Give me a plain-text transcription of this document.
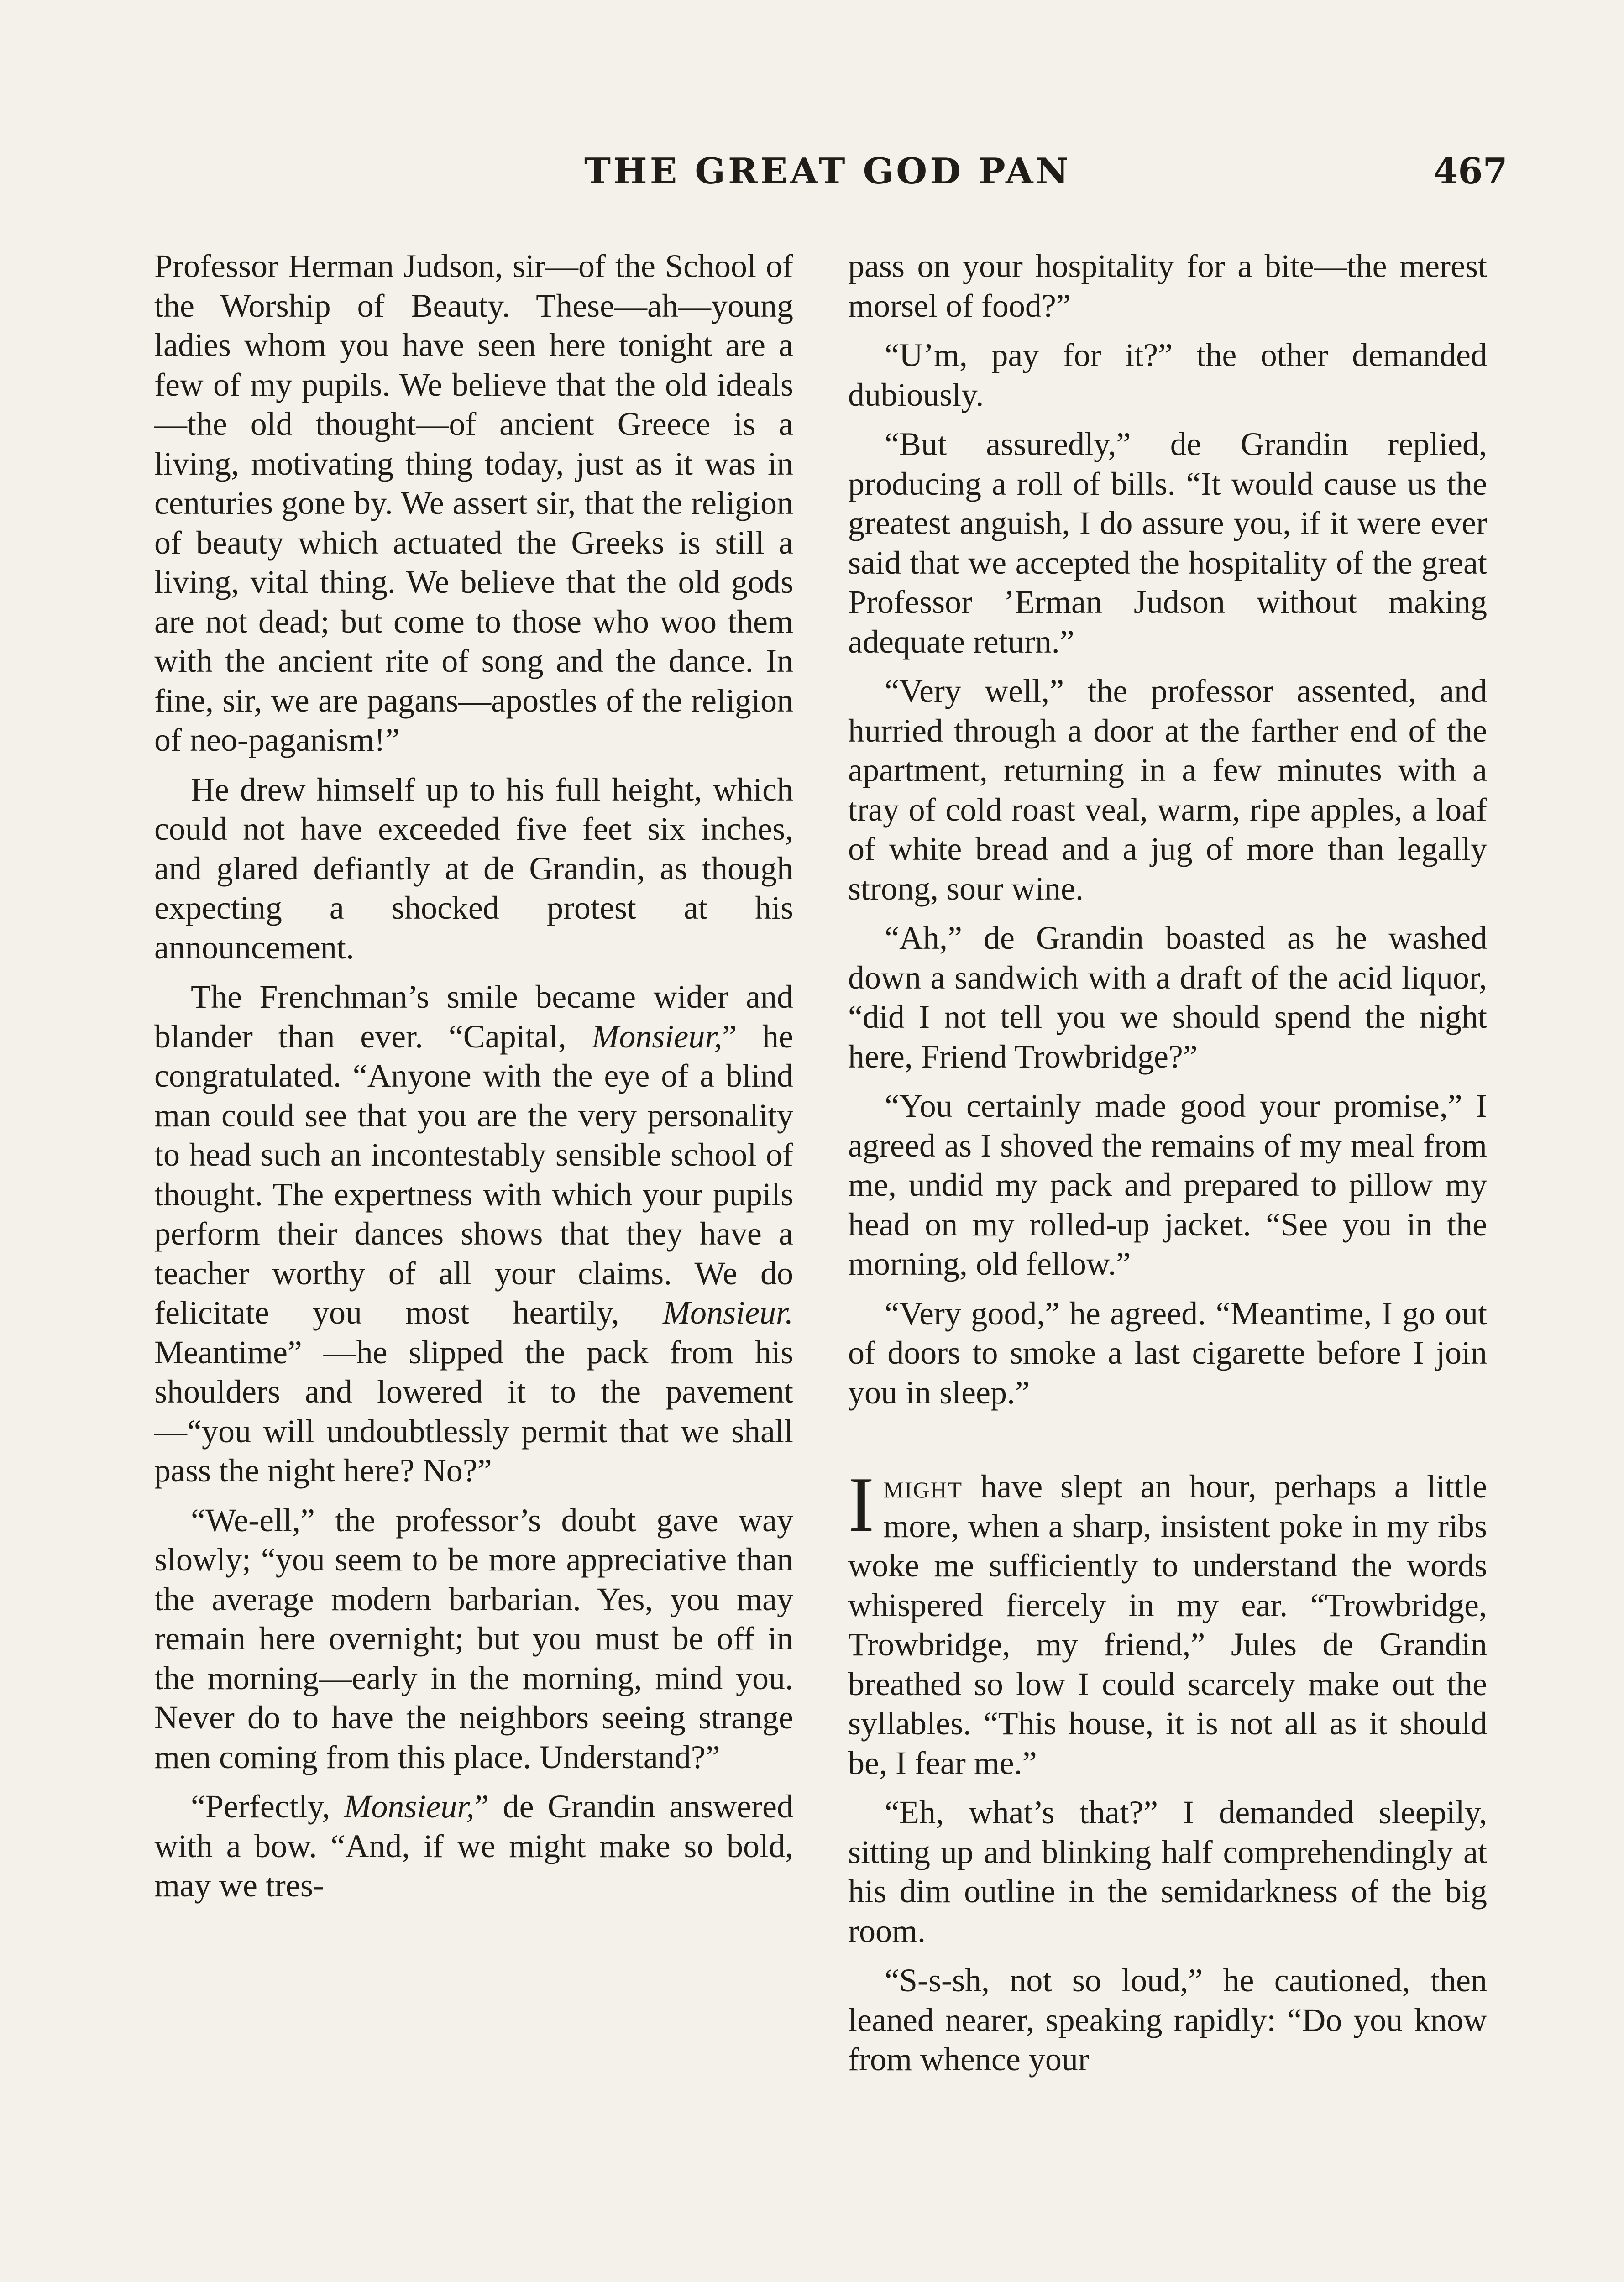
THE GREAT GOD PAN	467

Professor Herman Judson, sir—of the School of the Worship of Beauty. These—ah—young ladies whom you have seen here tonight are a few of my pupils. We believe that the old ideals—the old thought—of ancient Greece is a living, motivating thing today, just as it was in centuries gone by. We assert sir, that the religion of beauty which actuated the Greeks is still a living, vital thing. We believe that the old gods are not dead; but come to those who woo them with the ancient rite of song and the dance. In fine, sir, we are pagans—apostles of the religion of neo-paganism!”

He drew himself up to his full height, which could not have exceeded five feet six inches, and glared defiantly at de Grandin, as though expecting a shocked protest at his announcement.

The Frenchman’s smile became wider and blander than ever. “Capital, Monsieur,” he congratulated. “Anyone with the eye of a blind man could see that you are the very personality to head such an incontestably sensible school of thought. The expertness with which your pupils perform their dances shows that they have a teacher worthy of all your claims. We do felicitate you most heartily, Monsieur. Meantime” —he slipped the pack from his shoulders and lowered it to the pavement —“you will undoubtlessly permit that we shall pass the night here? No?”

“We-ell,” the professor’s doubt gave way slowly; “you seem to be more appreciative than the average modern barbarian. Yes, you may remain here overnight; but you must be off in the morning—early in the morning, mind you. Never do to have the neighbors seeing strange men coming from this place. Understand?”

“Perfectly, Monsieur,” de Grandin answered with a bow. “And, if we might make so bold, may we tres-

pass on your hospitality for a bite—the merest morsel of food?”

“U’m, pay for it?” the other demanded dubiously.

“But assuredly,” de Grandin replied, producing a roll of bills. “It would cause us the greatest anguish, I do assure you, if it were ever said that we accepted the hospitality of the great Professor ’Erman Judson without making adequate return.”

“Very well,” the professor assented, and hurried through a door at the farther end of the apartment, returning in a few minutes with a tray of cold roast veal, warm, ripe apples, a loaf of white bread and a jug of more than legally strong, sour wine.

“Ah,” de Grandin boasted as he washed down a sandwich with a draft of the acid liquor, “did I not tell you we should spend the night here, Friend Trowbridge?”

“You certainly made good your promise,” I agreed as I shoved the remains of my meal from me, undid my pack and prepared to pillow my head on my rolled-up jacket. “See you in the morning, old fellow.”

“Very good,” he agreed. “Meantime, I go out of doors to smoke a last cigarette before I join you in sleep.”

Imight have slept an hour, perhaps a little more, when a sharp, insistent poke in my ribs woke me sufficiently to understand the words whispered fiercely in my ear. “Trowbridge, Trowbridge, my friend,” Jules de Grandin breathed so low I could scarcely make out the syllables. “This house, it is not all as it should be, I fear me.”

“Eh, what’s that?” I demanded sleepily, sitting up and blinking half comprehendingly at his dim outline in the semidarkness of the big room.

“S-s-sh, not so loud,” he cautioned, then leaned nearer, speaking rapidly: “Do you know from whence your
